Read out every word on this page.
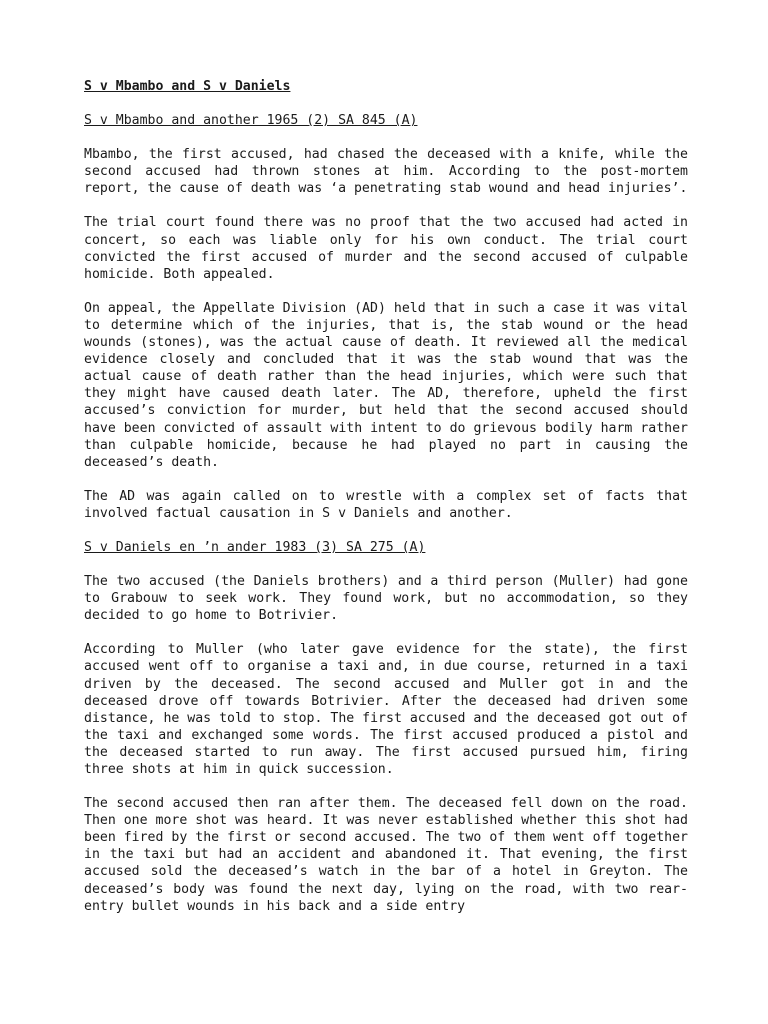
S v Mbambo and S v Daniels
S v Mbambo and another 1965 (2) SA 845 (A)

Mbambo, the first accused, had chased the deceased with a knife, while the second accused had thrown stones at him. According to the post-mortem report, the cause of death was ‘a penetrating stab wound and head injuries’.

The trial court found there was no proof that the two accused had acted in concert, so each was liable only for his own conduct. The trial court convicted the first accused of murder and the second accused of culpable homicide. Both appealed.

On appeal, the Appellate Division (AD) held that in such a case it was vital to determine which of the injuries, that is, the stab wound or the head wounds (stones), was the actual cause of death. It reviewed all the medical evidence closely and concluded that it was the stab wound that was the actual cause of death rather than the head injuries, which were such that they might have caused death later. The AD, therefore, upheld the first accused’s conviction for murder, but held that the second accused should have been convicted of assault with intent to do grievous bodily harm rather than culpable homicide, because he had played no part in causing the deceased’s death.

The AD was again called on to wrestle with a complex set of facts that involved factual causation in S v Daniels and another.

S v Daniels en ’n ander 1983 (3) SA 275 (A)

The two accused (the Daniels brothers) and a third person (Muller) had gone to Grabouw to seek work. They found work, but no accommodation, so they decided to go home to Botrivier.

According to Muller (who later gave evidence for the state), the first accused went off to organise a taxi and, in due course, returned in a taxi driven by the deceased. The second accused and Muller got in and the deceased drove off towards Botrivier. After the deceased had driven some distance, he was told to stop. The first accused and the deceased got out of the taxi and exchanged some words. The first accused produced a pistol and the deceased started to run away. The first accused pursued him, firing three shots at him in quick succession.

The second accused then ran after them. The deceased fell down on the road. Then one more shot was heard. It was never established whether this shot had been fired by the first or second accused. The two of them went off together in the taxi but had an accident and abandoned it. That evening, the first accused sold the deceased’s watch in the bar of a hotel in Greyton. The deceased’s body was found the next day, lying on the road, with two rear-entry bullet wounds in his back and a side entry
